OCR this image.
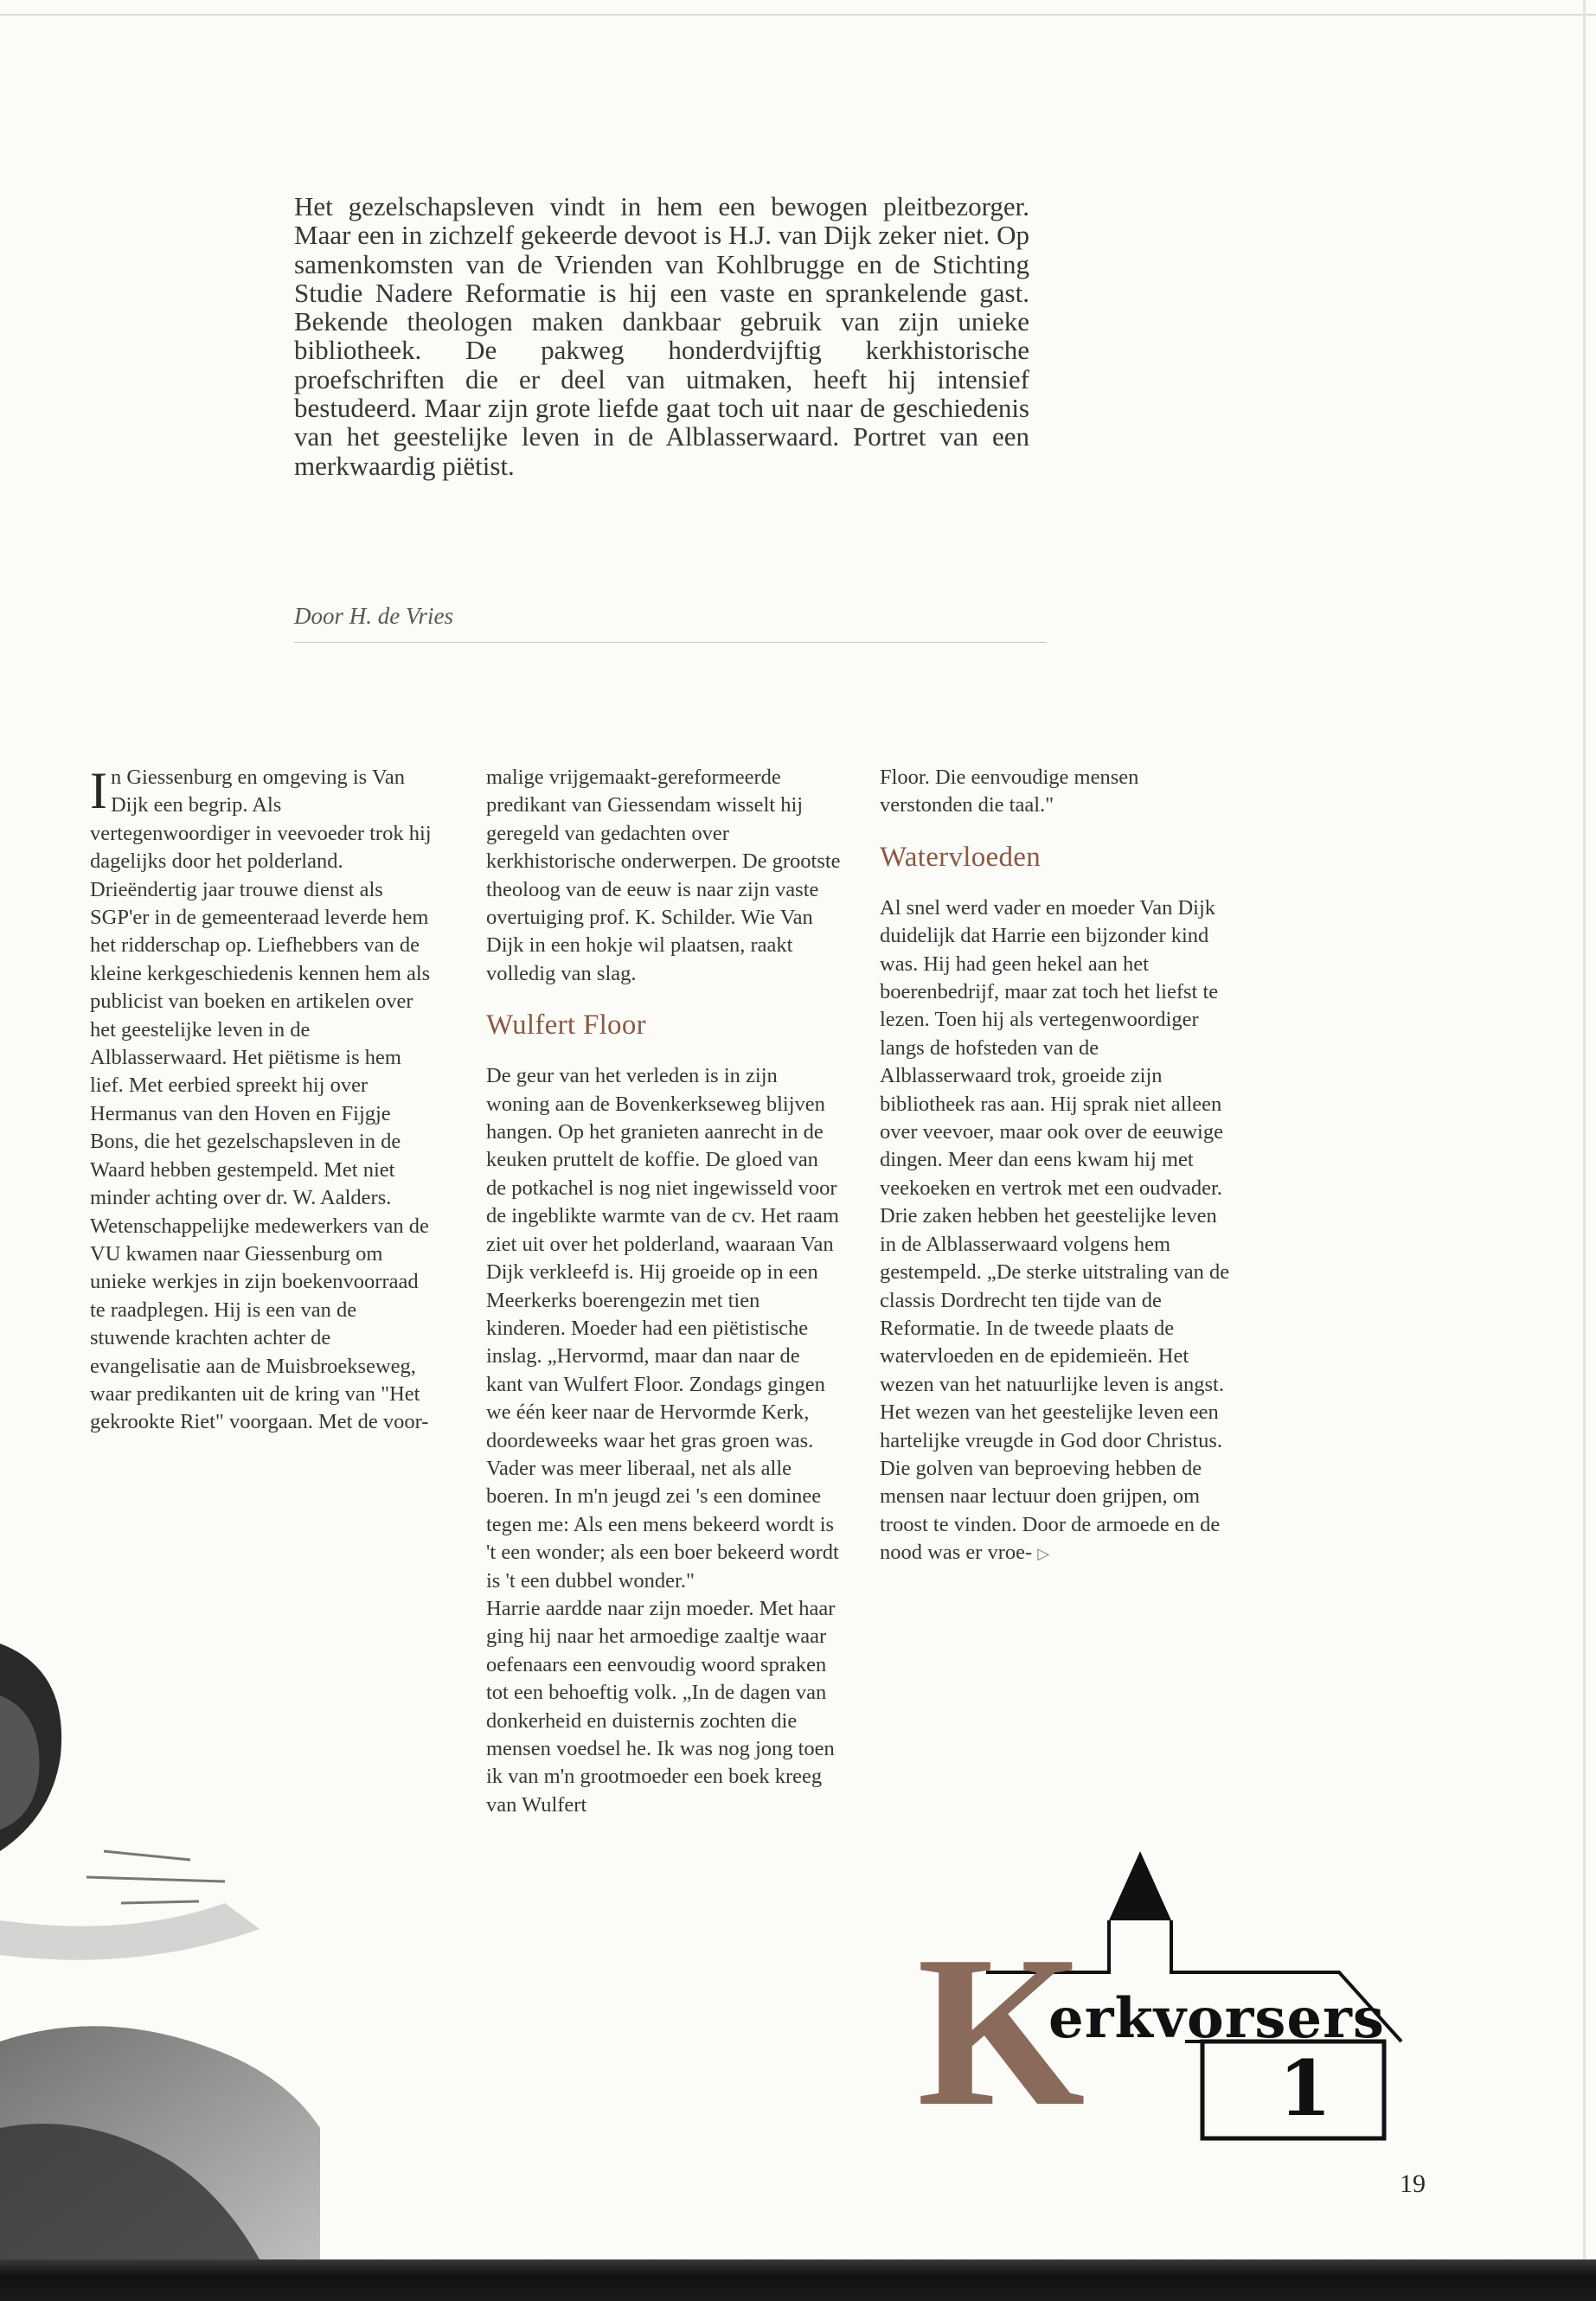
Het gezelschapsleven vindt in hem een bewogen pleitbezorger. Maar een in zichzelf gekeerde devoot is H.J. van Dijk zeker niet. Op samenkomsten van de Vrienden van Kohlbrugge en de Stichting Studie Nadere Reformatie is hij een vaste en sprankelende gast. Bekende theologen maken dankbaar gebruik van zijn unieke bibliotheek. De pakweg honderdvijftig kerkhistorische proefschriften die er deel van uitmaken, heeft hij intensief bestudeerd. Maar zijn grote liefde gaat toch uit naar de geschiedenis van het geestelijke leven in de Alblasserwaard. Portret van een merkwaardig piëtist.

Door H. de Vries

In Giessenburg en omgeving is Van Dijk een begrip. Als vertegenwoordiger in veevoeder trok hij dagelijks door het polderland. Drieëndertig jaar trouwe dienst als SGP'er in de gemeenteraad leverde hem het ridderschap op. Liefhebbers van de kleine kerkgeschiedenis kennen hem als publicist van boeken en artikelen over het geestelijke leven in de Alblasserwaard. Het piëtisme is hem lief. Met eerbied spreekt hij over Hermanus van den Hoven en Fijgje Bons, die het gezelschapsleven in de Waard hebben gestempeld. Met niet minder achting over dr. W. Aalders. Wetenschappelijke medewerkers van de VU kwamen naar Giessenburg om unieke werkjes in zijn boekenvoorraad te raadplegen. Hij is een van de stuwende krachten achter de evangelisatie aan de Muisbroekseweg, waar predikanten uit de kring van "Het gekrookte Riet" voorgaan. Met de voor-

malige vrijgemaakt-gereformeerde predikant van Giessendam wisselt hij geregeld van gedachten over kerkhistorische onderwerpen. De grootste theoloog van de eeuw is naar zijn vaste overtuiging prof. K. Schilder. Wie Van Dijk in een hokje wil plaatsen, raakt volledig van slag.

Wulfert Floor

De geur van het verleden is in zijn woning aan de Bovenkerkseweg blijven hangen. Op het granieten aanrecht in de keuken pruttelt de koffie. De gloed van de potkachel is nog niet ingewisseld voor de ingeblikte warmte van de cv. Het raam ziet uit over het polderland, waaraan Van Dijk verkleefd is. Hij groeide op in een Meerkerks boerengezin met tien kinderen. Moeder had een piëtistische inslag. „Hervormd, maar dan naar de kant van Wulfert Floor. Zondags gingen we één keer naar de Hervormde Kerk, doordeweeks waar het gras groen was. Vader was meer liberaal, net als alle boeren. In m'n jeugd zei 's een dominee tegen me: Als een mens bekeerd wordt is 't een wonder; als een boer bekeerd wordt is 't een dubbel wonder."

Harrie aardde naar zijn moeder. Met haar ging hij naar het armoedige zaaltje waar oefenaars een eenvoudig woord spraken tot een behoeftig volk. „In de dagen van donkerheid en duisternis zochten die mensen voedsel he. Ik was nog jong toen ik van m'n grootmoeder een boek kreeg van Wulfert

Floor. Die eenvoudige mensen verstonden die taal."

Watervloeden

Al snel werd vader en moeder Van Dijk duidelijk dat Harrie een bijzonder kind was. Hij had geen hekel aan het boerenbedrijf, maar zat toch het liefst te lezen. Toen hij als vertegenwoordiger langs de hofsteden van de Alblasserwaard trok, groeide zijn bibliotheek ras aan. Hij sprak niet alleen over veevoer, maar ook over de eeuwige dingen. Meer dan eens kwam hij met veekoeken en vertrok met een oudvader.

Drie zaken hebben het geestelijke leven in de Alblasserwaard volgens hem gestempeld. „De sterke uitstraling van de classis Dordrecht ten tijde van de Reformatie. In de tweede plaats de watervloeden en de epidemieën. Het wezen van het natuurlijke leven is angst. Het wezen van het geestelijke leven een hartelijke vreugde in God door Christus. Die golven van beproeving hebben de mensen naar lectuur doen grijpen, om troost te vinden. Door de armoede en de nood was er vroe- ▷

K
erkvorsers
1

19
